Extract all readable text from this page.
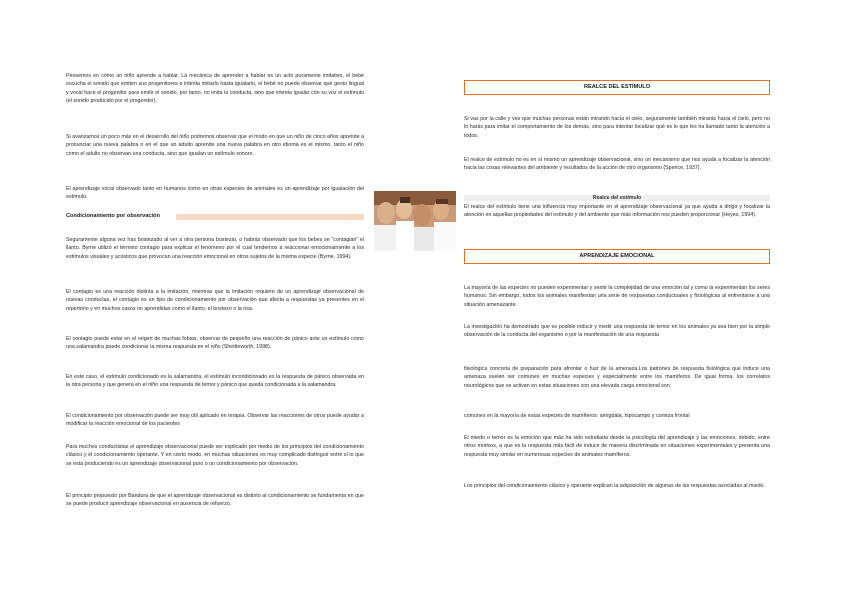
Pensemos en cómo un niño aprende a hablar. La mecánica de aprender a hablar es un acto puramente imitativo, el bebé escucha el sonido que emiten sus progenitores e intenta imitarlo hasta igualarlo, el bebé no puede observar qué gesto lingual y vocal hace el progenitor para emitir el sonido, por tanto, no imita la conducta, sino que intenta igualar con su voz el estímulo (el sonido producido por el progenitor).

Si avanzamos un poco más en el desarrollo del niño podremos observar que el modo en que un niño de cinco años aprende a pronunciar una nueva palabra o en el que un adulto aprende una nueva palabra en otro idioma es el mismo, tanto el niño como el adulto no observan una conducta, sino que igualan un estímulo sonoro.

El aprendizaje vocal observado tanto en humanos como en otras especies de animales es un aprendizaje por igualación del estímulo.

Condicionamiento por observación

Seguramente alguna vez has bostezado al ver a otra persona bostezar, o habrás observado que los bebes se “contagian” el llanto. Byrne utilizó el término contagio para explicar el fenómeno por el cual tendemos a reaccionar emocionalmente a los estímulos visuales y acústicos que provocan una reacción emocional en otros sujetos de la misma especie (Byrne, 1994).

El contagio es una reacción distinta a la imitación, mientras que la imitación requiere de un aprendizaje observacional de nuevas conductas, el contagio es un tipo de condicionamiento por observación que afecta a respuestas ya presentes en el repertorio y en muchos casos no aprendidas como el llanto, el bostezo o la risa.

El contagio puede estar en el origen de muchas fobias, observar de pequeño una reacción de pánico ante un estímulo como una salamandra puede condicionar la misma respuesta en el niño (Shettleworth, 1998).

En este caso, el estímulo condicionado es la salamandra, el estímulo incondicionado es la respuesta de pánico observada en la otra persona y que genera en el niño una respuesta de temor y pánico que queda condicionada a la salamandra.

El condicionamiento por observación puede ser muy útil aplicado en terapia. Observar las reacciones de otros puede ayudar a modificar la reacción emocional de los pacientes

Para muchos conductistas el aprendizaje observacional puede ser explicado por medio de los principios del condicionamiento clásico y el condicionamiento operante. Y en cierto modo, en muchas situaciones es muy complicado distinguir entre si lo que se está produciendo es un aprendizaje observacional puro o un condicionamiento por observación.

El principio propuesto por Bandura de que el aprendizaje observacional es distinto al condicionamiento se fundamenta en que se puede producir aprendizaje observacional en ausencia de refuerzo.

REALCE DEL ESTÍMULO

Si vas por la calle y ves que muchas personas están mirando hacia el cielo, seguramente también mirarás hacia el cielo, pero no lo harás para imitar el comportamiento de los demás, sino para intentar localizar qué es lo que les ha llamado tanto la atención a todos.

El realce de estímulo no es en sí mismo un aprendizaje observacional, sino un mecanismo que nos ayuda a focalizar la atención hacia las cosas relevantes del ambiente y resultados de la acción de otro organismo (Spence, 1937).

Realce del estímulo

El realce del estímulo tiene una influencia muy importante en el aprendizaje observacional ya que ayuda a dirigir y focalizar la atención en aquellas propiedades del estímulo y del ambiente que más información nos pueden proporcionar (Heyes, 1994).

APRENDIZAJE EMOCIONAL

La mayoría de las especies no pueden experimentar y sentir la complejidad de una emoción tal y como la experimentan los seres humanos. Sin embargo, todos los animales manifiestan una serie de respuestas conductuales y fisiológicas al enfrentarse a una situación amenazante.

La investigación ha demostrado que es posible inducir y medir una respuesta de temor en los animales ya sea bien por la simple observación de la conducta del organismo o por la manifestación de una respuesta

fisiológica concreta de preparación para afrontar o huir de la amenaza.Los patrones de respuesta fisiológica que induce una amenaza suelen ser comunes en muchas especies y especialmente entre los mamíferos. De igual forma, los correlatos neurológicos que se activan en estas situaciones con una elevada carga emocional son

comunes en la mayoría de estas especies de mamíferos: amígdala, hipocampo y corteza frontal

El miedo o temor es la emoción que más ha sido estudiada desde la psicología del aprendizaje y las emociones, debido, entre otros motivos, a que es la respuesta más fácil de inducir de manera discriminada en situaciones experimentales y presenta una respuesta muy similar en numerosas especies de animales mamíferos.

Los principios del condicionamiento clásico y operante explican la adquisición de algunas de las respuestas asociadas al miedo.
